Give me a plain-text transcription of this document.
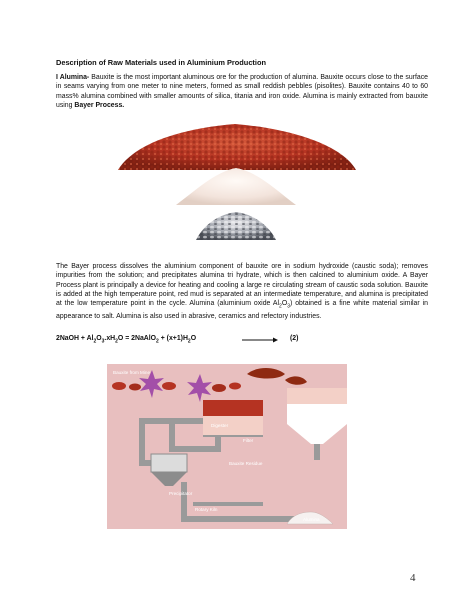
Description of Raw Materials used in Aluminium Production

I Alumina- Bauxite is the most important aluminous ore for the production of alumina. Bauxite occurs close to the surface in seams varying from one meter to nine meters, formed as small reddish pebbles (pisolites). Bauxite contains 40 to 60 mass% alumina combined with smaller amounts of silica, titania and iron oxide. Alumina is mainly extracted from bauxite using Bayer Process.

The Bayer process dissolves the aluminium component of bauxite ore in sodium hydroxide (caustic soda); removes impurities from the solution; and precipitates alumina tri hydrate, which is then calcined to aluminium oxide. A Bayer Process plant is principally a device for heating and cooling a large re circulating stream of caustic soda solution. Bauxite is added at the high temperature point, red mud is separated at an intermediate temperature, and alumina is precipitated at the low temperature point in the cycle. Alumina (aluminium oxide $Al_2O_3$) obtained is a fine white material similar in appearance to salt. Alumina is also used in abrasive, ceramics and refectory industries.

2NaOH + $Al_2O_3.xH_2O$ = 2NaAlO$_2$ + $(x+1)H_2O$	→ (2)
Bauxite from Mine
Digester
Filter
Bauxite Residue
Precipitator
Rotary Kiln
Alumina
4
